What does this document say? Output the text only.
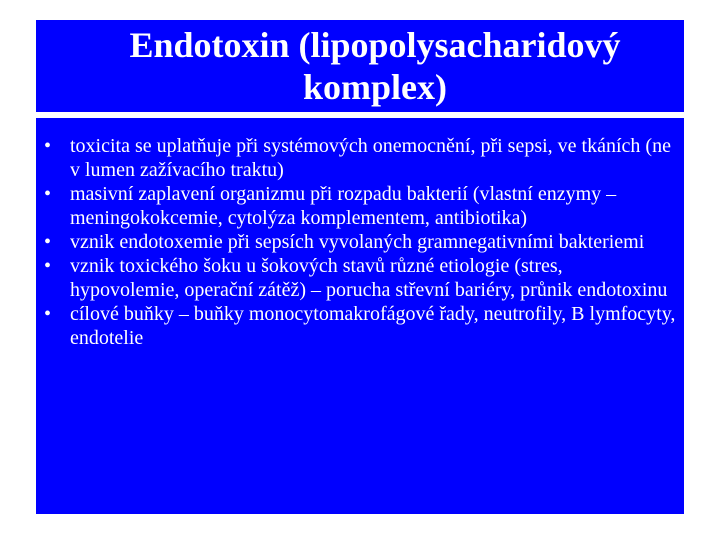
Endotoxin (lipopolysacharidový komplex)
• toxicita se uplatňuje při systémových onemocnění, při sepsi, ve tkáních (ne v lumen zažívacího traktu)
• masivní zaplavení organizmu při rozpadu bakterií (vlastní enzymy – meningokokcemie, cytolýza komplementem, antibiotika)
• vznik endotoxemie při sepsích vyvolaných gramnegativními bakteriemi
• vznik toxického šoku u šokových stavů různé etiologie (stres, hypovolemie, operační zátěž) – porucha střevní bariéry, průnik endotoxinu
• cílové buňky – buňky monocytomakrofágové řady, neutrofily, B lymfocyty, endotelie
